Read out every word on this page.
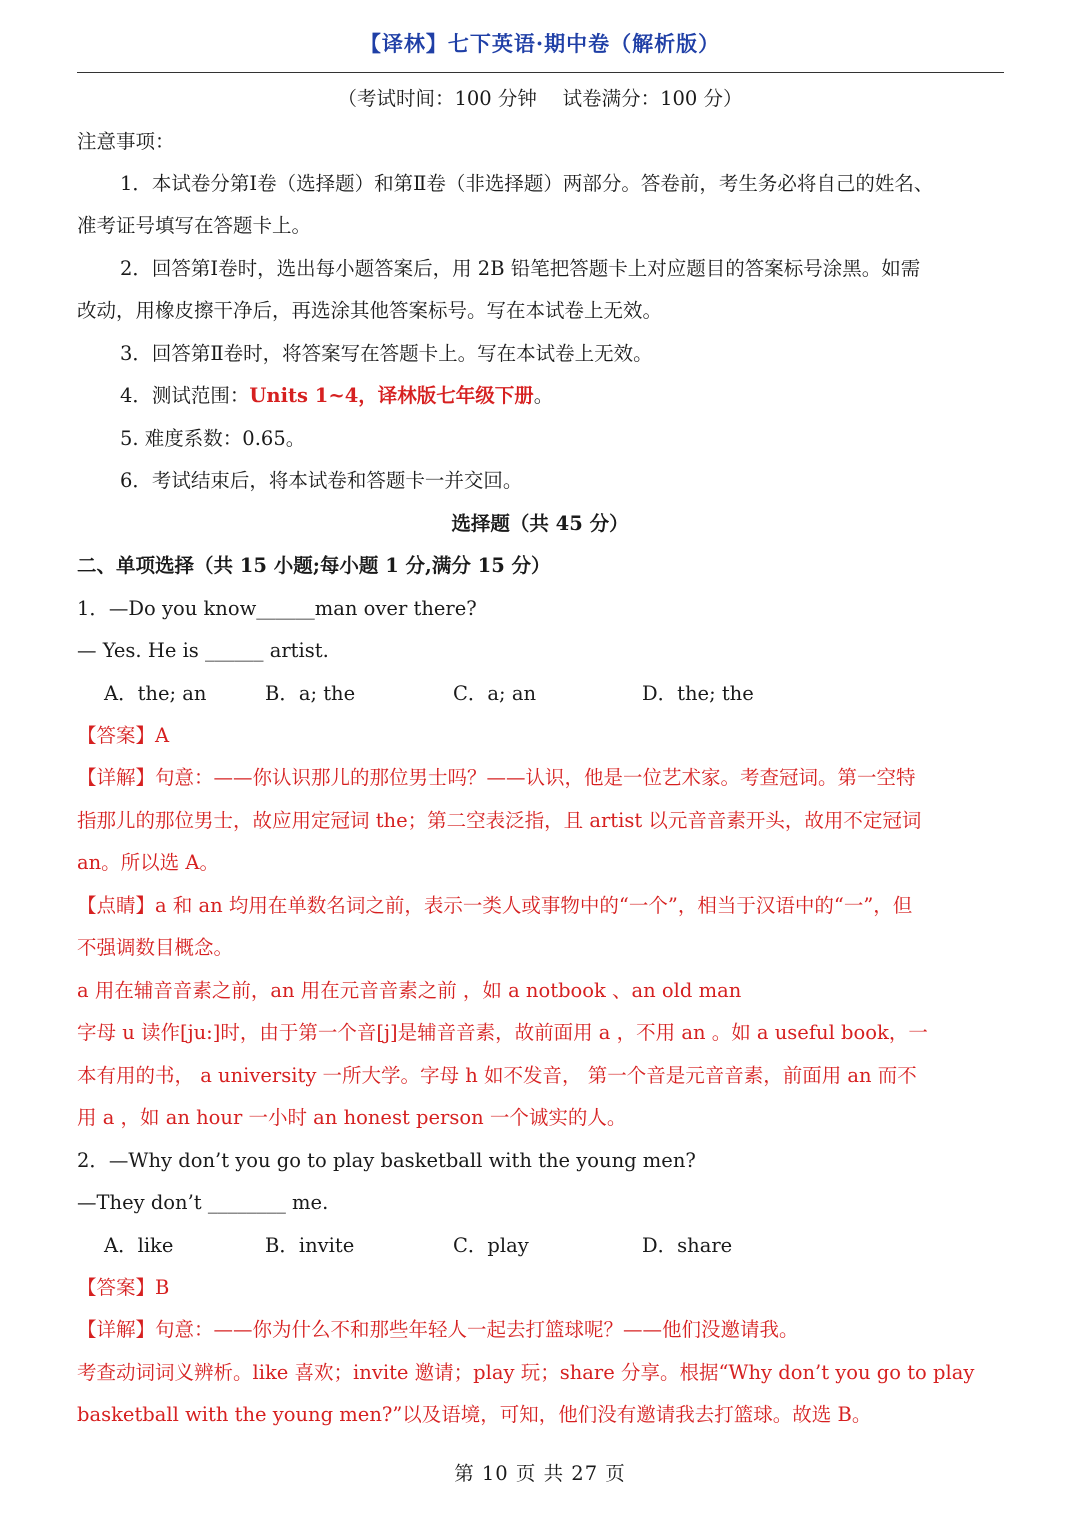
【译林】七下英语·期中卷（解析版）
（考试时间：100 分钟　 试卷满分：100 分）
注意事项：
1．本试卷分第Ⅰ卷（选择题）和第Ⅱ卷（非选择题）两部分。答卷前，考生务必将自己的姓名、
准考证号填写在答题卡上。
2．回答第Ⅰ卷时，选出每小题答案后，用 2B 铅笔把答题卡上对应题目的答案标号涂黑。如需
改动，用橡皮擦干净后，再选涂其他答案标号。写在本试卷上无效。
3．回答第Ⅱ卷时，将答案写在答题卡上。写在本试卷上无效。
4．测试范围：Units 1~4，译林版七年级下册。
5. 难度系数：0.65。
6．考试结束后，将本试卷和答题卡一并交回。
选择题（共 45 分）
二、单项选择（共 15 小题;每小题 1 分,满分 15 分）
1．—Do you know______man over there?
— Yes. He is ______ artist.
A．the; an	B．a; the	C．a; an	D．the; the
【答案】A
【详解】句意：——你认识那儿的那位男士吗？——认识，他是一位艺术家。考查冠词。第一空特
指那儿的那位男士，故应用定冠词 the；第二空表泛指，且 artist 以元音音素开头，故用不定冠词
an。所以选 A。
【点睛】a 和 an 均用在单数名词之前，表示一类人或事物中的“一个”，相当于汉语中的“一”，但
不强调数目概念。
a 用在辅音音素之前，an 用在元音音素之前 ，如 a notbook 、an old man
字母 u 读作[ju:]时，由于第一个音[j]是辅音音素，故前面用 a ，不用 an 。如 a useful book，一
本有用的书， a university 一所大学。字母 h 如不发音， 第一个音是元音音素，前面用 an 而不
用 a ，如 an hour 一小时 an honest person 一个诚实的人。
2．—Why don’t you go to play basketball with the young men?
—They don’t ________ me.
A．like	B．invite	C．play	D．share
【答案】B
【详解】句意：——你为什么不和那些年轻人一起去打篮球呢？——他们没邀请我。
考查动词词义辨析。like 喜欢；invite 邀请；play 玩；share 分享。根据“Why don’t you go to play
basketball with the young men?”以及语境，可知，他们没有邀请我去打篮球。故选 B。
第 10 页 共 27 页
